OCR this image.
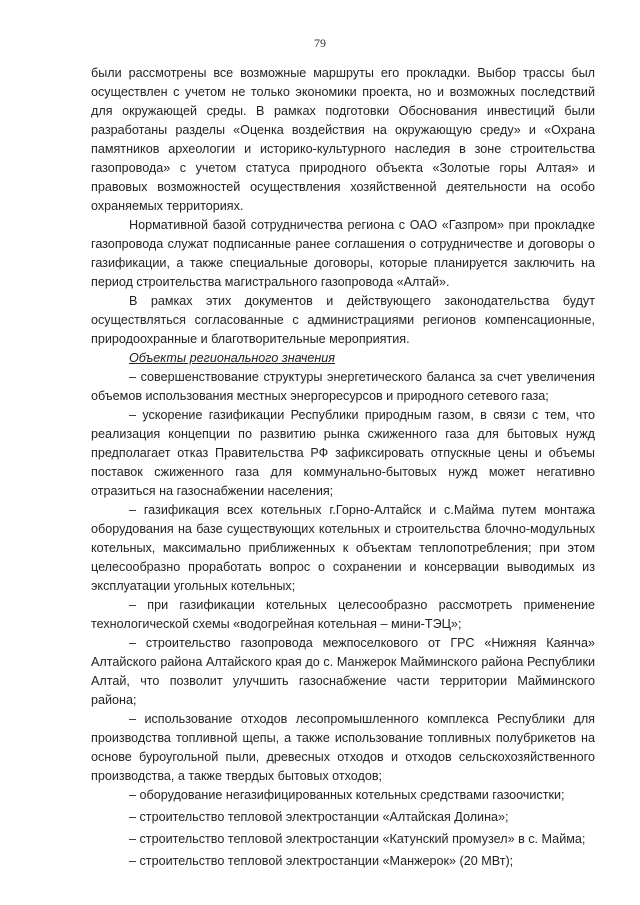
79

были рассмотрены все возможные маршруты его прокладки. Выбор трассы был осуществлен с учетом не только экономики проекта, но и возможных последствий для окружающей среды. В рамках подготовки Обоснования инвестиций были разработаны разделы «Оценка воздействия на окружающую среду» и «Охрана памятников археологии и историко-культурного наследия в зоне строительства газопровода» с учетом статуса природного объекта «Золотые горы Алтая» и правовых возможностей осуществления хозяйственной деятельности на особо охраняемых территориях.

Нормативной базой сотрудничества региона с ОАО «Газпром» при прокладке газопровода служат подписанные ранее соглашения о сотрудничестве и договоры о газификации, а также специальные договоры, которые планируется заключить на период строительства магистрального газопровода «Алтай».

В рамках этих документов и действующего законодательства будут осуществляться согласованные с администрациями регионов компенсационные, природоохранные и благотворительные мероприятия.

Объекты регионального значения

– совершенствование структуры энергетического баланса за счет увеличения объемов использования местных энергоресурсов и природного сетевого газа;

– ускорение газификации Республики природным газом, в связи с тем, что реализация концепции по развитию рынка сжиженного газа для бытовых нужд предполагает отказ Правительства РФ зафиксировать отпускные цены и объемы поставок сжиженного газа для коммунально-бытовых нужд может негативно отразиться на газоснабжении населения;

– газификация всех котельных г.Горно-Алтайск и с.Майма путем монтажа оборудования на базе существующих котельных и строительства блочно-модульных котельных, максимально приближенных к объектам теплопотребления; при этом целесообразно проработать вопрос о сохранении и консервации выводимых из эксплуатации угольных котельных;

– при газификации котельных целесообразно рассмотреть применение технологической схемы «водогрейная котельная – мини-ТЭЦ»;

– строительство газопровода межпоселкового от ГРС «Нижняя Каянча» Алтайского района Алтайского края до с. Манжерок Майминского района Республики Алтай, что позволит улучшить газоснабжение части территории Майминского района;

– использование отходов лесопромышленного комплекса Республики для производства топливной щепы, а также использование топливных полубрикетов на основе буроугольной пыли, древесных отходов и отходов сельскохозяйственного производства, а также твердых бытовых отходов;

– оборудование негазифицированных котельных средствами газоочистки;

– строительство тепловой электростанции «Алтайская Долина»;

– строительство тепловой электростанции «Катунский промузел» в с. Майма;

– строительство тепловой электростанции «Манжерок» (20 МВт);
